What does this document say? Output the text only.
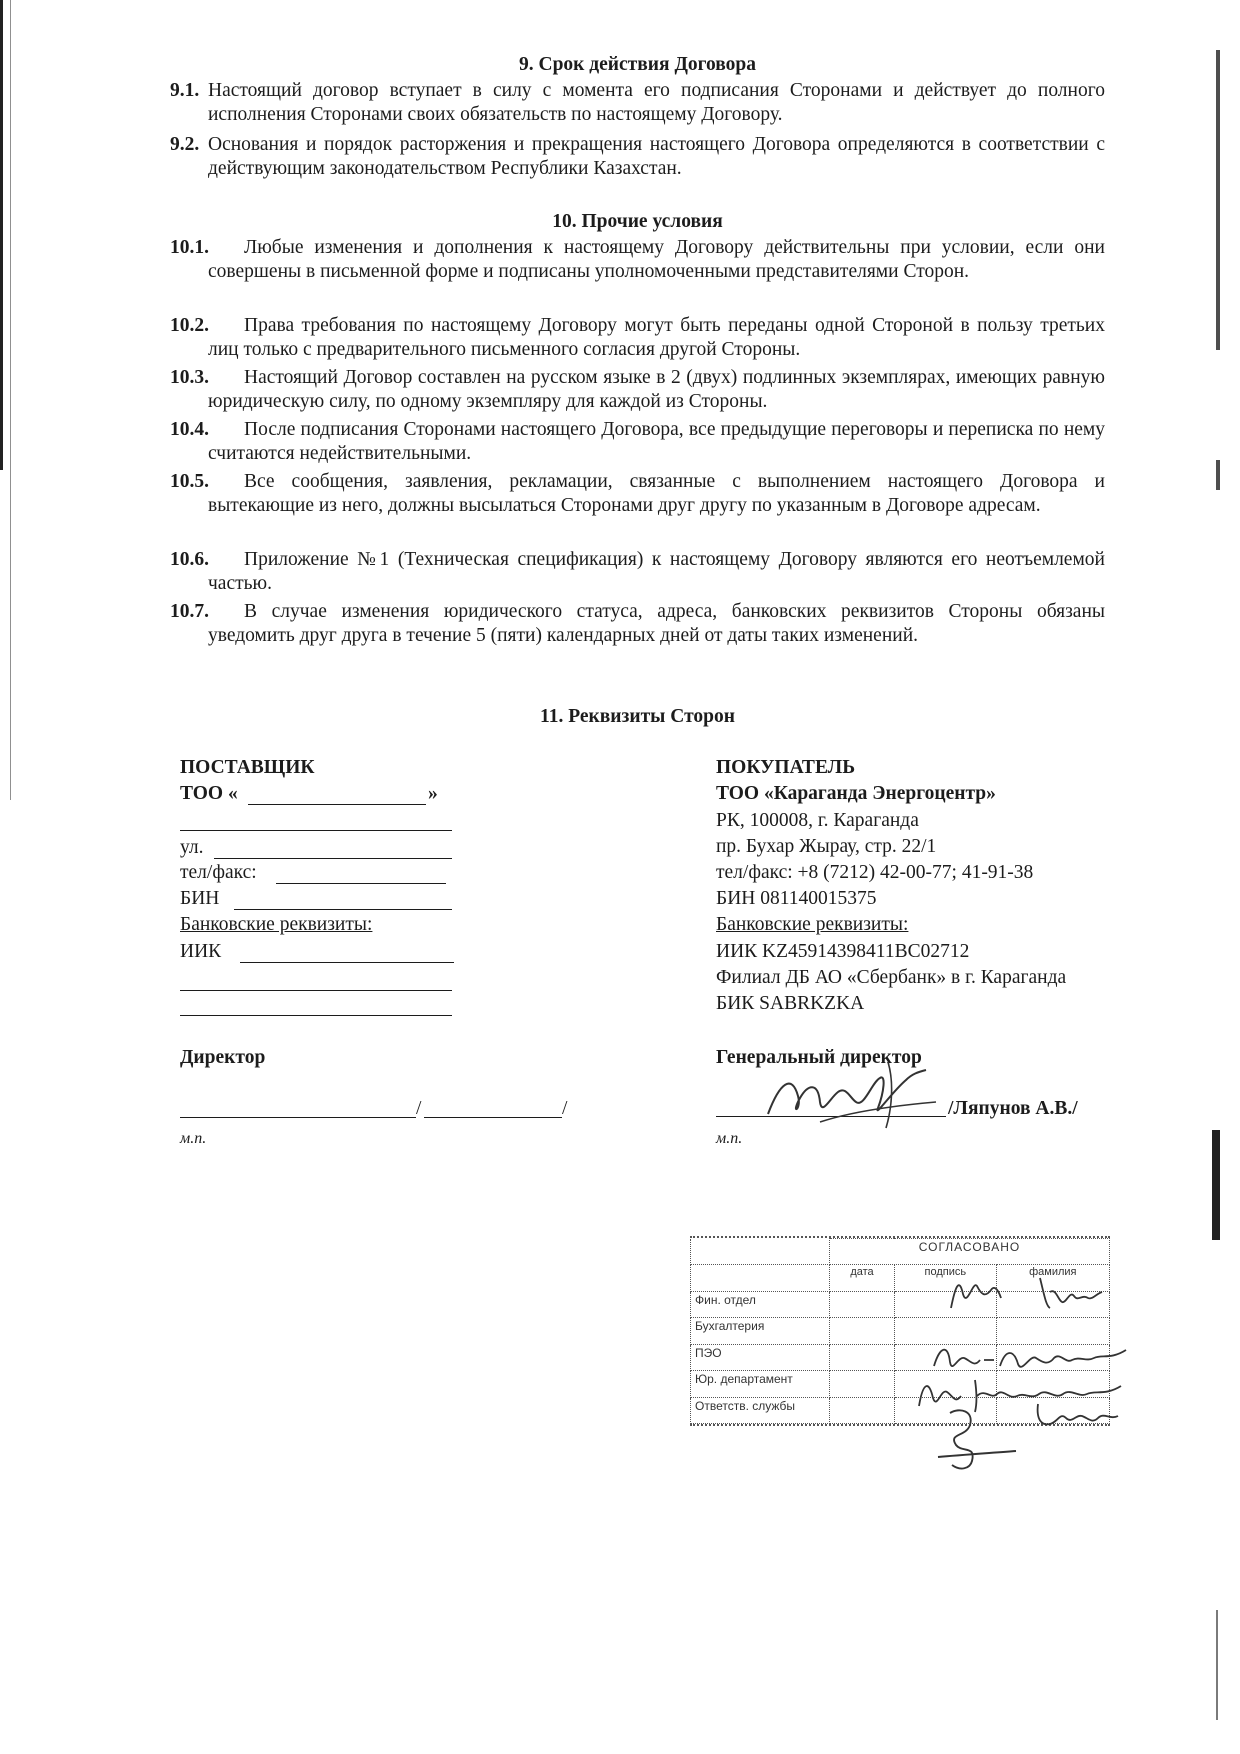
9. Срок действия Договора
9.1. Настоящий договор вступает в силу с момента его подписания Сторонами и действует до полного исполнения Сторонами своих обязательств по настоящему Договору.
9.2. Основания и порядок расторжения и прекращения настоящего Договора определяются в соответствии с действующим законодательством Республики Казахстан.
10. Прочие условия
10.1.	Любые изменения и дополнения к настоящему Договору действительны при условии, если они совершены в письменной форме и подписаны уполномоченными представителями Сторон.
10.2.	Права требования по настоящему Договору могут быть переданы одной Стороной в пользу третьих лиц только с предварительного письменного согласия другой Стороны.
10.3.	Настоящий Договор составлен на русском языке в 2 (двух) подлинных экземплярах, имеющих равную юридическую силу, по одному экземпляру для каждой из Стороны.
10.4.	После подписания Сторонами настоящего Договора, все предыдущие переговоры и переписка по нему считаются недействительными.
10.5.	Все сообщения, заявления, рекламации, связанные с выполнением настоящего Договора и вытекающие из него, должны высылаться Сторонами друг другу по указанным в Договоре адресам.
10.6.	Приложение №1 (Техническая спецификация) к настоящему Договору являются его неотъемлемой частью.
10.7.	В случае изменения юридического статуса, адреса, банковских реквизитов Стороны обязаны уведомить друг друга в течение 5 (пяти) календарных дней от даты таких изменений.
11. Реквизиты Сторон
ПОСТАВЩИК
ТОО «	»
ул.
тел/факс:
БИН
Банковские реквизиты:
ИИК
Директор
/	/
м.п.
ПОКУПАТЕЛЬ
ТОО «Караганда Энергоцентр»
РК, 100008, г. Караганда
пр. Бухар Жырау, стр. 22/1
тел/факс: +8 (7212) 42-00-77; 41-91-38
БИН 081140015375
Банковские реквизиты:
ИИК KZ45914398411BC02712
Филиал ДБ АО «Сбербанк» в г. Караганда
БИК SABRKZKA
Генеральный директор
/Ляпунов А.В./
м.п.
	СОГЛАСОВАНО		
	дата	подпись	фамилия
Фин. отдел			
Бухгалтерия			
ПЭО			
Юр. департамент			
Ответств. службы			
